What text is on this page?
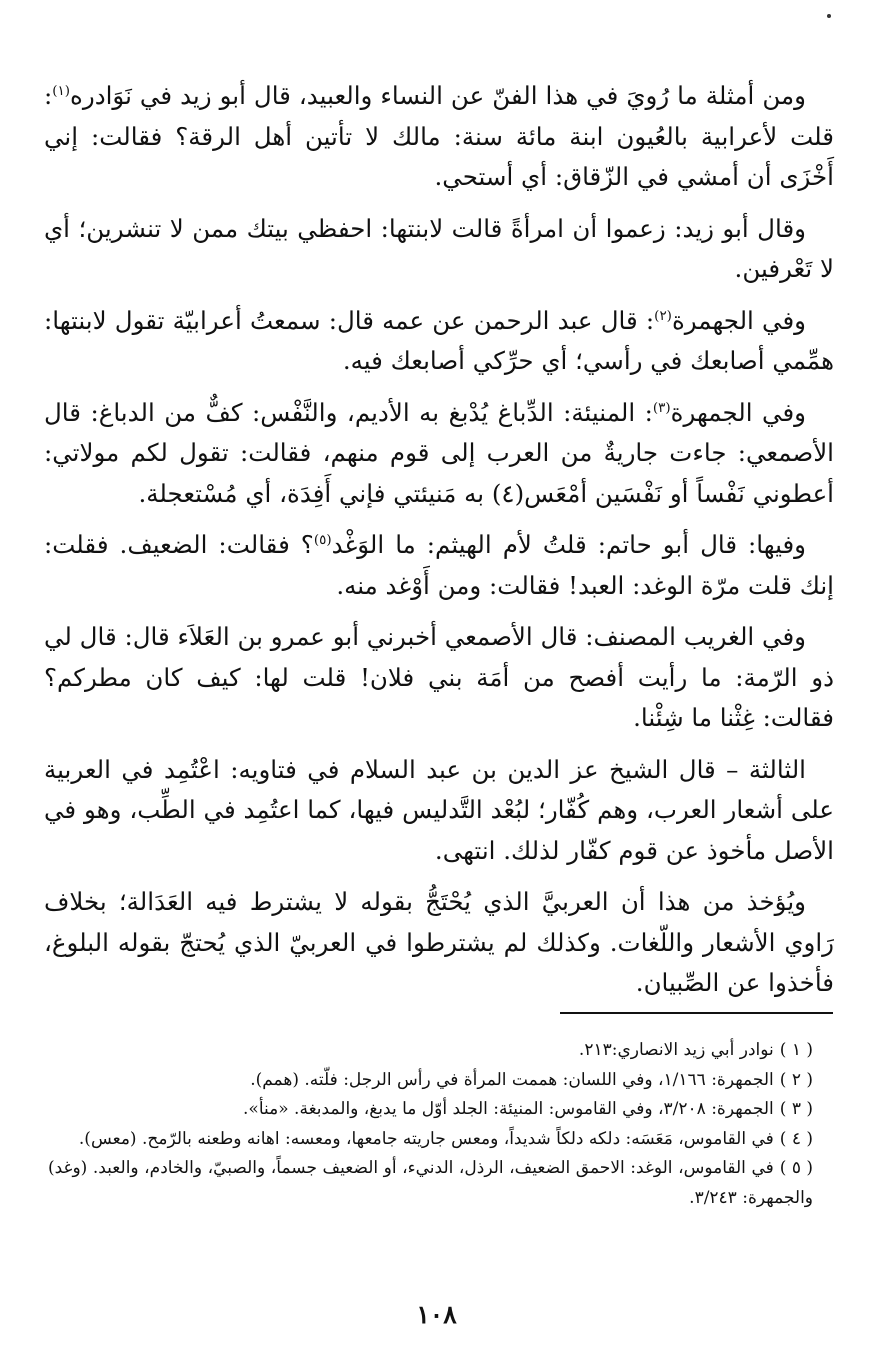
ومن أمثلة ما رُويَ في هذا الفنّ عن النساء والعبيد، قال أبو زيد في نَوَادره$^{(١)}$: قلت لأعرابية بالعُيون ابنة مائة سنة: مالك لا تأتين أهل الرقة؟ فقالت: إني أَخْزَى أن أمشي في الزّقاق: أي أستحي.

وقال أبو زيد: زعموا أن امرأةً قالت لابنتها: احفظي بيتك ممن لا تنشرين؛ أي لا تَعْرفين.

وفي الجهمرة$^{(٢)}$: قال عبد الرحمن عن عمه قال: سمعتُ أعرابيّة تقول لابنتها: همِّمي أصابعك في رأسي؛ أي حرِّكي أصابعك فيه.

وفي الجمهرة$^{(٣)}$: المنيئة: الدِّباغ يُدْبغ به الأديم، والنَّفْس: كفٌّ من الدباغ: قال الأصمعي: جاءت جاريةٌ من العرب إلى قوم منهم، فقالت: تقول لكم مولاتي: أعطوني نَفْساً أو نَفْسَين أمْعَس(٤) به مَنيئتي فإني أَفِدَة، أي مُسْتعجلة.

وفيها: قال أبو حاتم: قلتُ لأم الهيثم: ما الوَغْد$^{(٥)}$؟ فقالت: الضعيف. فقلت: إنك قلت مرّة الوغد: العبد! فقالت: ومن أَوْغد منه.

وفي الغريب المصنف: قال الأصمعي أخبرني أبو عمرو بن العَلاَء قال: قال لي ذو الرّمة: ما رأيت أفصح من أمَة بني فلان! قلت لها: كيف كان مطركم؟ فقالت: غِثْنا ما شِئْنا.

الثالثة – قال الشيخ عز الدين بن عبد السلام في فتاويه: اعْتُمِد في العربية على أشعار العرب، وهم كُفّار؛ لبُعْد التَّدليس فيها، كما اعتُمِد في الطِّب، وهو في الأصل مأخوذ عن قوم كفّار لذلك. انتهى.

ويُؤخذ من هذا أن العربيَّ الذي يُحْتَجُّ بقوله لا يشترط فيه العَدَالة؛ بخلاف رَاوي الأشعار واللّغات. وكذلك لم يشترطوا في العربيّ الذي يُحتجّ بقوله البلوغ، فأخذوا عن الصِّبيان.

( ١ )نوادر أبي زيد الانصاري:٢١٣.

( ٢ )الجمهرة: ١/١٦٦، وفي اللسان: هممت المرأة في رأس الرجل: فلّته. (همم).

( ٣ )الجمهرة: ٣/٢٠٨، وفي القاموس: المنيئة: الجلد أوّل ما يدبغ، والمدبغة. «منأ».

( ٤ )في القاموس، مَعَسَه: دلكه دلكاً شديداً، ومعس جاريته جامعها، ومعسه: اهانه وطعنه بالرّمح. (معس).

( ٥ )في القاموس، الوغد: الاحمق الضعيف، الرذل، الدنيء، أو الضعيف جسماً، والصبيّ، والخادم، والعبد. (وغد) والجمهرة: ٣/٢٤٣.

١٠٨
